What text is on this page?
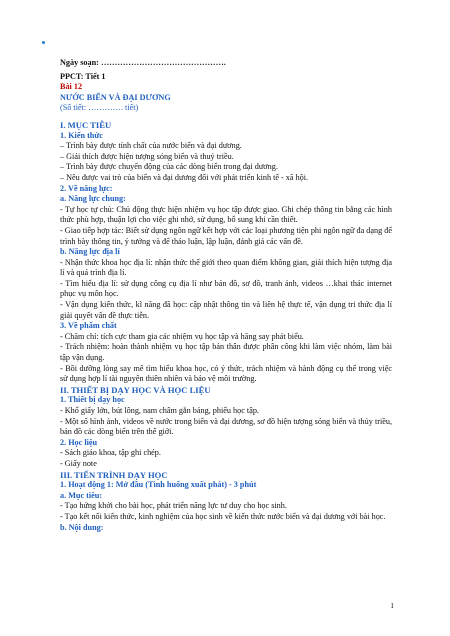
Ngày soạn: ……………………………………….

PPCT: Tiết 1

Bài 12

NƯỚC BIỂN VÀ ĐẠI DƯƠNG

(Số tiết: …………. tiết)

I. MỤC TIÊU

1. Kiến thức

– Trình bày được tính chất của nước biển và đại dương.

– Giải thích được hiện tượng sóng biển và thuỷ triều.

– Trình bày được chuyển động của các dòng biển trong đại dương.

– Nêu được vai trò của biển và đại dương đối với phát triển kinh tế - xã hội.

2. Về năng lực:

a. Năng lực chung:

- Tự học tự chủ: Chủ động thực hiện nhiệm vụ học tập được giao. Ghi chép thông tin bằng các hình thức phù hợp, thuận lợi cho việc ghi nhớ, sử dụng, bổ sung khi cần thiết.

- Giao tiếp hợp tác: Biết sử dụng ngôn ngữ kết hợp với các loại phương tiện phi ngôn ngữ đa dạng để trình bày thông tin, ý tưởng và để thảo luận, lập luận, đánh giá các vấn đề.

b. Năng lực địa lí

- Nhận thức khoa học địa lí: nhận thức thế giới theo quan điểm không gian, giải thích hiện tượng địa lí và quá trình địa lí.

- Tìm hiểu địa lí: sử dụng công cụ địa lí như bản đồ, sơ đồ, tranh ảnh, videos …khai thác internet phục vụ môn học.

- Vận dụng kiến thức, kĩ năng đã học: cập nhật thông tin và liên hệ thực tế, vận dụng tri thức địa lí giải quyết vấn đề thực tiễn.

3. Về phẩm chất

- Chăm chỉ: tích cực tham gia các nhiệm vụ học tập và hăng say phát biểu.

- Trách nhiệm: hoàn thành nhiệm vụ học tập bản thân được phân công khi làm việc nhóm, làm bài tập vận dụng.

- Bồi dưỡng lòng say mê tìm hiểu khoa học, có ý thức, trách nhiệm và hành động cụ thể trong việc sử dụng hợp lí tài nguyên thiên nhiên và bảo vệ môi trường.

II. THIẾT BỊ DẠY HỌC VÀ HỌC LIỆU

1. Thiết bị dạy học

- Khổ giấy lớn, bút lông, nam châm gắn bảng, phiếu học tập.

- Một số hình ảnh, videos về nước trong biển và đại dương, sơ đồ hiện tượng sóng biển và thủy triều, bản đồ các dòng biển trên thế giới.

2. Học liệu

- Sách giáo khoa, tập ghi chép.

- Giấy note

III. TIẾN TRÌNH DẠY HỌC

1. Hoạt động 1: Mở đầu (Tình huống xuất phát) - 3 phút

a. Mục tiêu:

- Tạo hứng khởi cho bài học, phát triển năng lực tư duy cho học sinh.

- Tạo kết nối kiến thức, kinh nghiệm của học sinh về kiến thức nước biển và đại dương với bài học.

b. Nội dung:

1
